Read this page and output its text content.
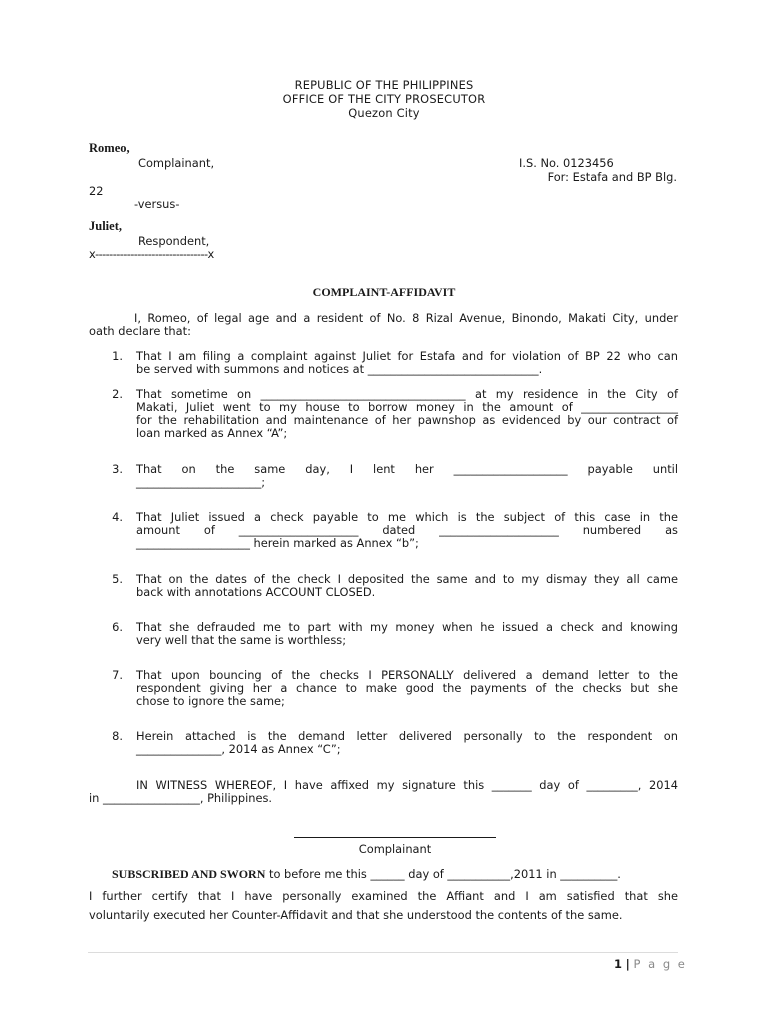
REPUBLIC OF THE PHILIPPINES
OFFICE OF THE CITY PROSECUTOR
Quezon City
Romeo,
Complainant,	I.S. No. 0123456
For: Estafa and BP Blg.
22
-versus-
Juliet,
Respondent,
x--------------------------------x
COMPLAINT-AFFIDAVIT
I, Romeo, of legal age and a resident of No. 8 Rizal Avenue, Binondo, Makati City, under
oath declare that:
1. That I am filing a complaint against Juliet for Estafa and for violation of BP 22 who can
be served with summons and notices at ______________________________.
2. That sometime on ____________________________________ at my residence in the City of
Makati, Juliet went to my house to borrow money in the amount of _________________
for the rehabilitation and maintenance of her pawnshop as evidenced by our contract of
loan marked as Annex “A”;
3. That on the same day, I lent her ____________________ payable until
______________________;
4. That Juliet issued a check payable to me which is the subject of this case in the
amount of _____________________ dated _____________________ numbered as
____________________ herein marked as Annex “b”;
5. That on the dates of the check I deposited the same and to my dismay they all came
back with annotations ACCOUNT CLOSED.
6. That she defrauded me to part with my money when he issued a check and knowing
very well that the same is worthless;
7. That upon bouncing of the checks I PERSONALLY delivered a demand letter to the
respondent giving her a chance to make good the payments of the checks but she
chose to ignore the same;
8. Herein attached is the demand letter delivered personally to the respondent on
_______________, 2014 as Annex “C”;
IN WITNESS WHEREOF, I have affixed my signature this _______ day of _________, 2014
in _________________, Philippines.
Complainant
SUBSCRIBED AND SWORN to before me this ______ day of ___________,2011 in __________.
I further certify that I have personally examined the Affiant and I am satisfied that she
voluntarily executed her Counter-Affidavit and that she understood the contents of the same.
1 | P a g e
